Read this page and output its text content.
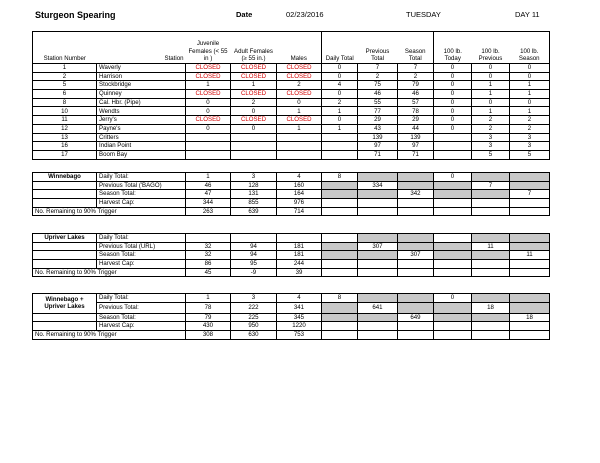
Sturgeon Spearing	Date	02/23/2016	TUESDAY	DAY 11
Station Number	Station	Juvenile Females (< 55 in )	Adult Females (≥ 55 in.)	Males	Daily Total	Previous Total	Season Total	100 lb. Today	100 lb. Previous	100 lb. Season
1	Waverly	CLOSED	CLOSED	CLOSED	0	7	7	0	0	0
2	Harrison	CLOSED	CLOSED	CLOSED	0	2	2	0	0	0
5	Stockbridge	1	1	2	4	75	79	0	1	1
6	Quinney	CLOSED	CLOSED	CLOSED	0	46	46	0	1	1
8	Cal. Hbr. (Pipe)	0	2	0	2	55	57	0	0	0
10	Wendts	0	0	1	1	77	78	0	1	1
11	Jerry's	CLOSED	CLOSED	CLOSED	0	29	29	0	2	2
12	Payne's	0	0	1	1	43	44	0	2	2
13	Critters					139	139		3	3
16	Indian Point					97	97		3	3
17	Boom Bay					71	71		5	5
Winnebago	Daily Total:	1	3	4	8			0		
	Previous Total ('BAGO)	46	128	160		334			7	
	Season Total:	47	131	164			342			7
	Harvest Cap:	344	855	976						
No. Remaining to 90% Trigger		263	639	714						
Upriver Lakes	Daily Total:									
	Previous Total (URL)	32	94	181		307			11	
	Season Total:	32	94	181			307			11
	Harvest Cap:	86	95	244						
No. Remaining to 90% Trigger		45	-9	39						
Winnebago +
Upriver Lakes	Daily Total:	1	3	4	8			0		
	Previous Total:	78	222	341		641			18	
	Season Total:	79	225	345			649			18
	Harvest Cap:	430	950	1220						
No. Remaining to 90% Trigger		308	630	753						
